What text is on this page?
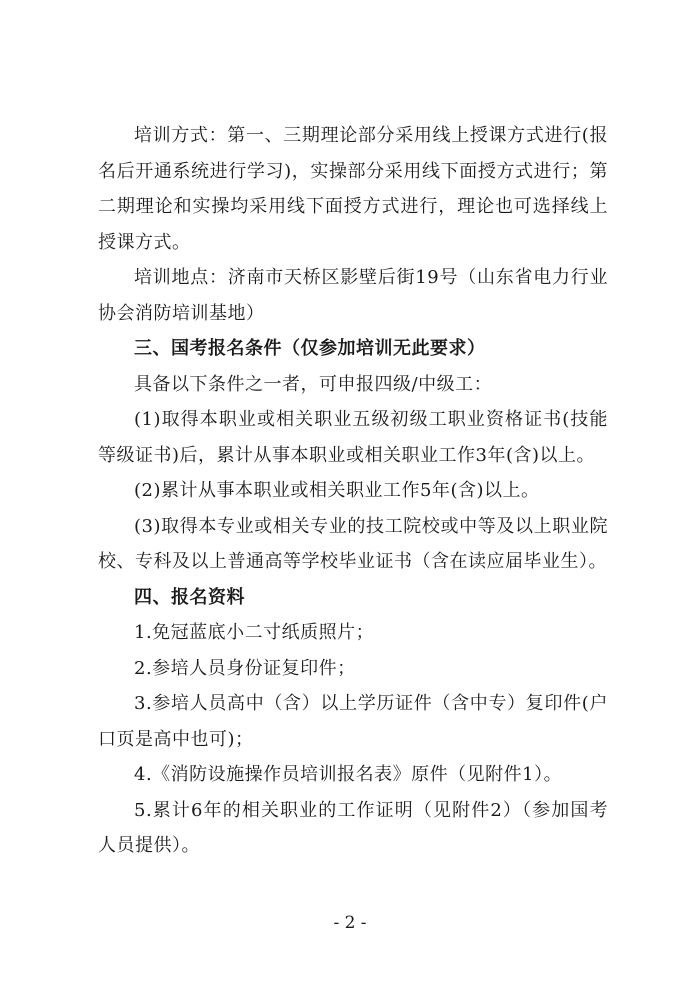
培训方式：第一、三期理论部分采用线上授课方式进行(报名后开通系统进行学习)，实操部分采用线下面授方式进行；第二期理论和实操均采用线下面授方式进行，理论也可选择线上授课方式。

培训地点：济南市天桥区影壁后街19号（山东省电力行业协会消防培训基地）

三、国考报名条件（仅参加培训无此要求）

具备以下条件之一者，可申报四级/中级工：

(1)取得本职业或相关职业五级初级工职业资格证书(技能等级证书)后，累计从事本职业或相关职业工作3年(含)以上。

(2)累计从事本职业或相关职业工作5年(含)以上。

(3)取得本专业或相关专业的技工院校或中等及以上职业院校、专科及以上普通高等学校毕业证书（含在读应届毕业生）。

四、报名资料

1.免冠蓝底小二寸纸质照片；

2.参培人员身份证复印件；

3.参培人员高中（含）以上学历证件（含中专）复印件(户口页是高中也可)；

4.《消防设施操作员培训报名表》原件（见附件1）。

5.累计6年的相关职业的工作证明（见附件2）（参加国考人员提供）。

- 2 -
